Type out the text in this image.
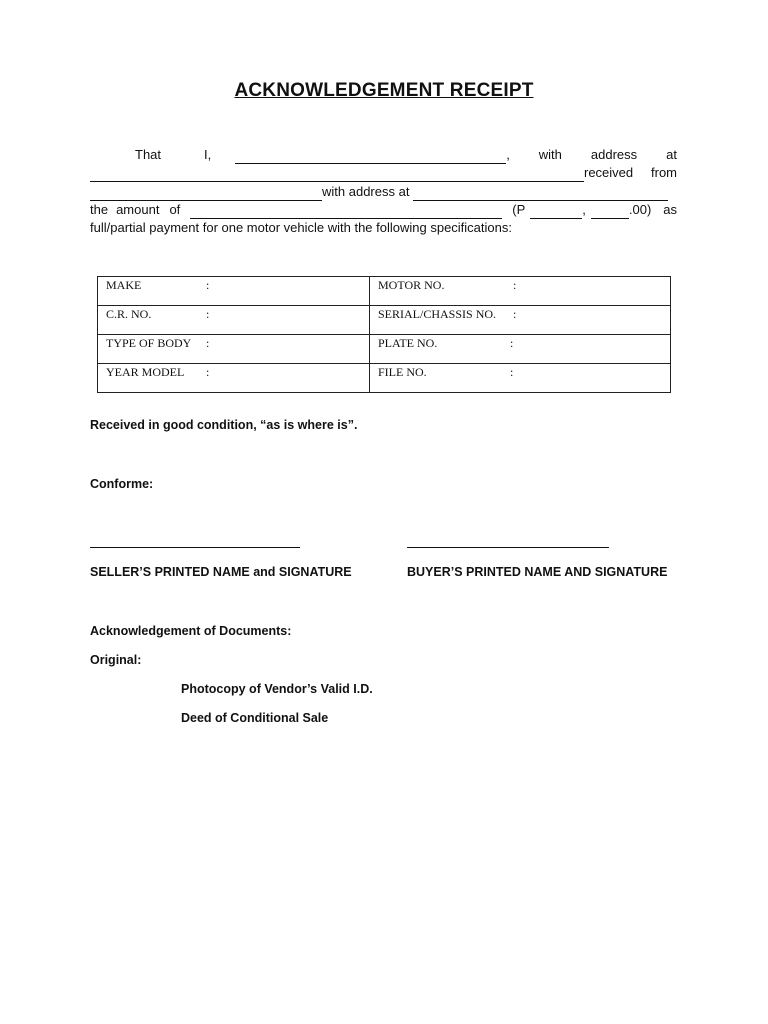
ACKNOWLEDGEMENT RECEIPT
That	I,	, with address at
received from
with address at
the amount of	(P	,	.00) as
full/partial payment for one motor vehicle with the following specifications:
MAKE :	MOTOR NO. :

C.R. NO. :	SERIAL/CHASSIS NO. :

TYPE OF BODY :	PLATE NO. :

YEAR MODEL :	FILE NO. :
Received in good condition, “as is where is”.
Conforme:
SELLER’S PRINTED NAME and SIGNATURE	BUYER’S PRINTED NAME AND SIGNATURE
Acknowledgement of Documents:
Original:
Photocopy of Vendor’s Valid I.D.
Deed of Conditional Sale
